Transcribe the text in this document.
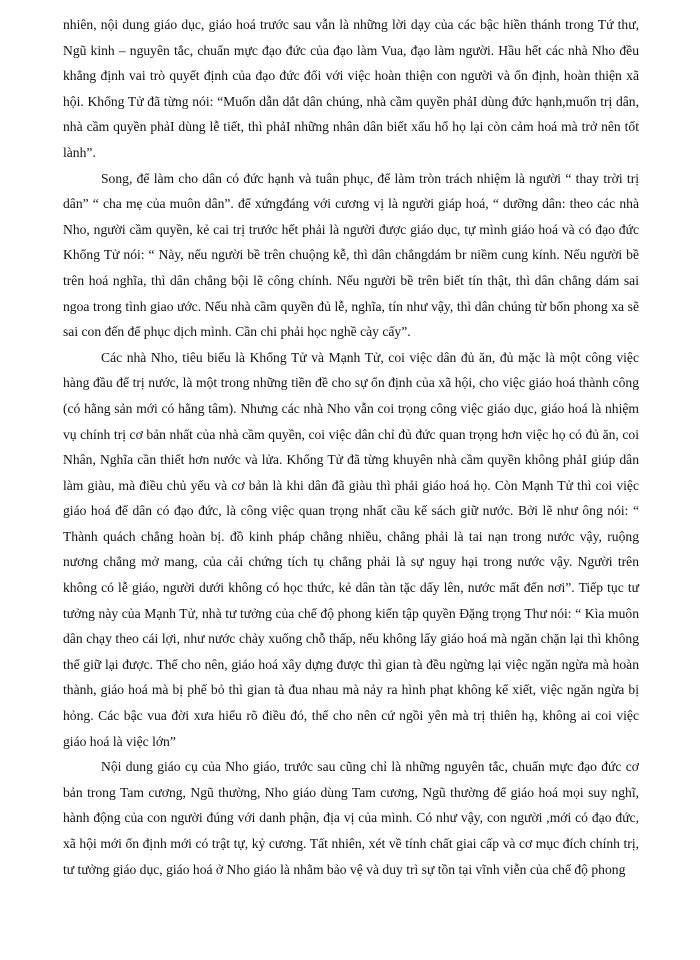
nhiên, nội dung giáo dục, giáo hoá trước sau vẫn là những lời dạy của các bậc hiền thánh trong Tứ thư, Ngũ kinh – nguyên tắc, chuẩn mực đạo đức của đạo làm Vua, đạo làm người. Hầu hết các nhà Nho đều khẳng định vai trò quyết định của đạo đức đối với việc hoàn thiện con người và ổn định, hoàn thiện xã hội. Khổng Tử đã từng nói: “Muốn dẫn dắt dân chúng, nhà cầm quyền phảI dùng đức hạnh,muốn trị dân, nhà cầm quyền phảI dùng lễ tiết, thì phảI những nhân dân biết xấu hổ họ lại còn cảm hoá mà trở nên tốt lành”.

Song, để làm cho dân có đức hạnh và tuân phục, để làm tròn trách nhiệm là người “ thay trời trị dân” “ cha mẹ của muôn dân”. để xứngđáng với cương vị là người giáp hoá, “ dưỡng dân: theo các nhà Nho, người cầm quyền, kẻ cai trị trước hết phải là người được giáo dục, tự mình giáo hoá và có đạo đức Khổng Tử nói: “ Này, nếu người bề trên chuộng kễ, thì dân chẳngdám br niềm cung kính. Nếu người bề trên hoá nghĩa, thì dân chẳng bội lẽ công chính. Nếu người bề trên biết tín thật, thì dân chẳng dám sai ngoa trong tình giao ước. Nếu nhà cầm quyền đủ lễ, nghĩa, tín như vậy, thì dân chúng từ bốn phong xa sẽ sai con đến để phục dịch mình. Cần chi phải học nghề cày cấy”.

Các nhà Nho, tiêu biểu là Khổng Tử và Mạnh Tử, coi việc dân đủ ăn, đủ mặc là một công việc hàng đầu để trị nước, là một trong những tiền đề cho sự ổn định của xã hội, cho việc giáo hoá thành công (có hằng sản mới có hằng tâm). Nhưng các nhà Nho vẫn coi trọng công việc giáo dục, giáo hoá là nhiệm vụ chính trị cơ bản nhất của nhà cầm quyền, coi việc dân chỉ đủ đức quan trọng hơn việc họ có đủ ăn, coi Nhân, Nghĩa cần thiết hơn nước và lửa. Khổng Tử đã từng khuyên nhà cầm quyền không phảI giúp dân làm giàu, mà điều chủ yếu và cơ bản là khi dân đã giàu thì phải giáo hoá họ. Còn Mạnh Tử thì coi việc giáo hoá để dân có đạo đức, là công việc quan trọng nhất cầu kế sách giữ nước. Bởi lẽ như ông nói: “ Thành quách chẳng hoàn bị. đồ kinh pháp chẳng nhiều, chẳng phải là tai nạn trong nước vậy, ruộng nương chẳng mở mang, của cải chứng tích tụ chẳng phải là sự nguy hại trong nước vậy. Người trên không có lễ giáo, người dưới không có học thức, kẻ dân tàn tặc dấy lên, nước mất đến nơi”. Tiếp tục tư tưởng này của Mạnh Tử, nhà tư tưởng của chế độ phong kiến tập quyền Đặng trọng Thư nói: “ Kìa muôn dân chạy theo cái lợi, như nước chảy xuống chỗ thấp, nếu không lấy giáo hoá mà ngăn chặn lại thì không thể giữ lại được. Thế cho nên, giáo hoá xây dựng được thì gian tà đều ngừng lại việc ngăn ngừa mà hoàn thành, giáo hoá mà bị phế bỏ thì gian tà đua nhau mà nảy ra hình phạt không kể xiết, việc ngăn ngừa bị hỏng. Các bậc vua đời xưa hiểu rõ điều đó, thế cho nên cứ ngồi yên mà trị thiên hạ, không ai coi việc giáo hoá là việc lớn”

Nội dung giáo cụ của Nho giáo, trước sau cũng chỉ là những nguyên tắc, chuẩn mực đạo đức cơ bản trong Tam cương, Ngũ thường, Nho giáo dùng Tam cương, Ngũ thường để giáo hoá mọi suy nghĩ, hành động của con người đúng với danh phận, địa vị của mình. Có như vậy, con người ,mới có đạo đức, xã hội mới ổn định mới có trật tự, kỷ cương. Tất nhiên, xét về tính chất giai cấp và cơ mục đích chính trị, tư tưởng giáo dục, giáo hoá ở Nho giáo là nhằm bảo vệ và duy trì sự tồn tại vĩnh viễn của chế độ phong
